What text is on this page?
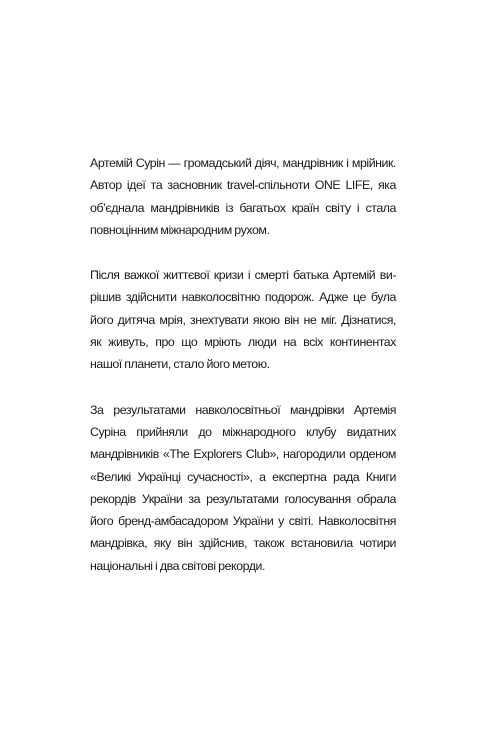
Артемій Сурін — громадський діяч, мандрівник і мрійник.
Автор ідеї та засновник travel-спільноти ONE LIFE, яка
об’єднала мандрівників із багатьох країн світу і стала
повноцінним міжнародним рухом.

Після важкої життєвої кризи і смерті батька Артемій ви-
рішив здійснити навколосвітню подорож. Адже це була
його дитяча мрія, знехтувати якою він не міг. Дізнатися,
як живуть, про що мріють люди на всіх континентах
нашої планети, стало його метою.

За результатами навколосвітньої мандрівки Артемія
Суріна прийняли до міжнародного клубу видатних
мандрівників «The Explorers Club», нагородили орденом
«Великі Українці сучасності», а експертна рада Книги
рекордів України за результатами голосування обрала
його бренд-амбасадором України у світі. Навколосвітня
мандрівка, яку він здійснив, також встановила чотири
національні і два світові рекорди.
